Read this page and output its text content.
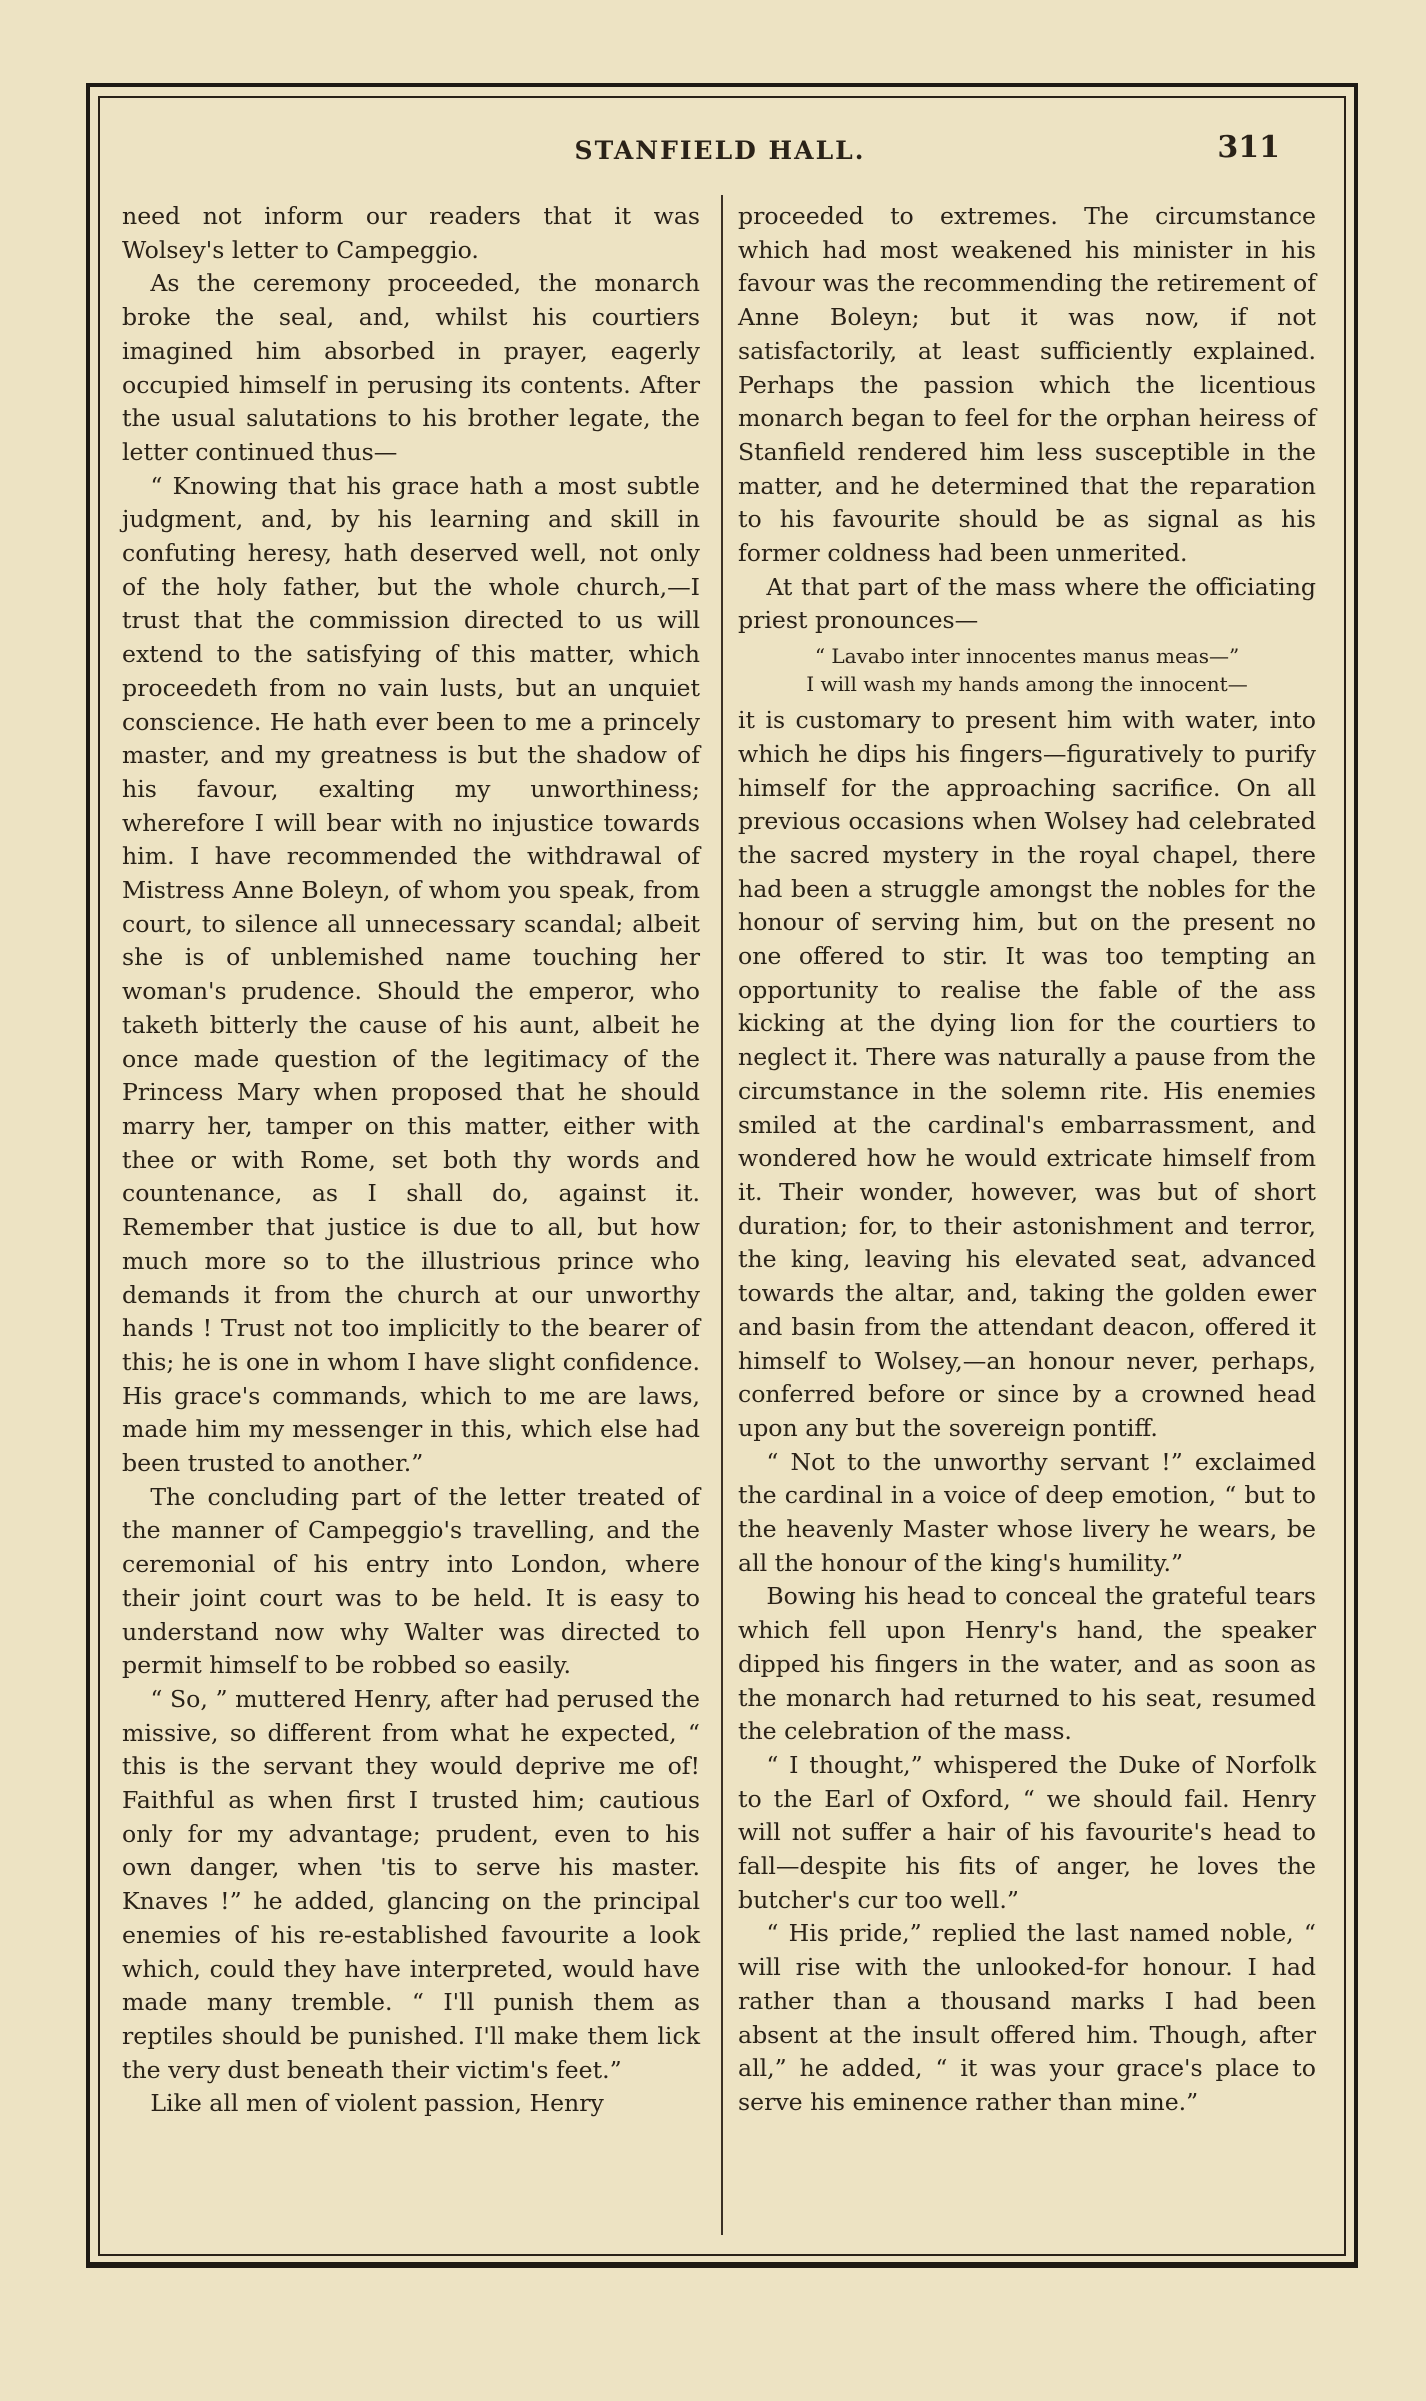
STANFIELD HALL.	311

need not inform our readers that it was Wolsey's letter to Campeggio.

As the ceremony proceeded, the monarch broke the seal, and, whilst his courtiers imagined him absorbed in prayer, eagerly occupied himself in perusing its contents. After the usual salutations to his brother legate, the letter continued thus—

“ Knowing that his grace hath a most subtle judgment, and, by his learning and skill in confuting heresy, hath deserved well, not only of the holy father, but the whole church,—I trust that the commission directed to us will extend to the satisfying of this matter, which proceedeth from no vain lusts, but an unquiet conscience. He hath ever been to me a princely master, and my greatness is but the shadow of his favour, exalting my unworthiness; wherefore I will bear with no injustice towards him. I have recommended the withdrawal of Mistress Anne Boleyn, of whom you speak, from court, to silence all unnecessary scandal; albeit she is of unblemished name touching her woman's prudence. Should the emperor, who taketh bitterly the cause of his aunt, albeit he once made question of the legitimacy of the Princess Mary when proposed that he should marry her, tamper on this matter, either with thee or with Rome, set both thy words and countenance, as I shall do, against it. Remember that justice is due to all, but how much more so to the illustrious prince who demands it from the church at our unworthy hands ! Trust not too implicitly to the bearer of this; he is one in whom I have slight confidence. His grace's commands, which to me are laws, made him my messenger in this, which else had been trusted to another.”

The concluding part of the letter treated of the manner of Campeggio's travelling, and the ceremonial of his entry into London, where their joint court was to be held. It is easy to understand now why Walter was directed to permit himself to be robbed so easily.

“ So, ” muttered Henry, after had perused the missive, so different from what he expected, “ this is the servant they would deprive me of! Faithful as when first I trusted him; cautious only for my advantage; prudent, even to his own danger, when 'tis to serve his master. Knaves !” he added, glancing on the principal enemies of his re-established favourite a look which, could they have interpreted, would have made many tremble. “ I'll punish them as reptiles should be punished. I'll make them lick the very dust beneath their victim's feet.”

Like all men of violent passion, Henry

proceeded to extremes. The circumstance which had most weakened his minister in his favour was the recommending the retirement of Anne Boleyn; but it was now, if not satisfactorily, at least sufficiently explained. Perhaps the passion which the licentious monarch began to feel for the orphan heiress of Stanfield rendered him less susceptible in the matter, and he determined that the reparation to his favourite should be as signal as his former coldness had been unmerited.

At that part of the mass where the officiating priest pronounces—

“ Lavabo inter innocentes manus meas—”
I will wash my hands among the innocent—

it is customary to present him with water, into which he dips his fingers—figuratively to purify himself for the approaching sacrifice. On all previous occasions when Wolsey had celebrated the sacred mystery in the royal chapel, there had been a struggle amongst the nobles for the honour of serving him, but on the present no one offered to stir. It was too tempting an opportunity to realise the fable of the ass kicking at the dying lion for the courtiers to neglect it. There was naturally a pause from the circumstance in the solemn rite. His enemies smiled at the cardinal's embarrassment, and wondered how he would extricate himself from it. Their wonder, however, was but of short duration; for, to their astonishment and terror, the king, leaving his elevated seat, advanced towards the altar, and, taking the golden ewer and basin from the attendant deacon, offered it himself to Wolsey,—an honour never, perhaps, conferred before or since by a crowned head upon any but the sovereign pontiff.

“ Not to the unworthy servant !” exclaimed the cardinal in a voice of deep emotion, “ but to the heavenly Master whose livery he wears, be all the honour of the king's humility.”

Bowing his head to conceal the grateful tears which fell upon Henry's hand, the speaker dipped his fingers in the water, and as soon as the monarch had returned to his seat, resumed the celebration of the mass.

“ I thought,” whispered the Duke of Norfolk to the Earl of Oxford, “ we should fail. Henry will not suffer a hair of his favourite's head to fall—despite his fits of anger, he loves the butcher's cur too well.”

“ His pride,” replied the last named noble, “ will rise with the unlooked-for honour. I had rather than a thousand marks I had been absent at the insult offered him. Though, after all,” he added, “ it was your grace's place to serve his eminence rather than mine.”
